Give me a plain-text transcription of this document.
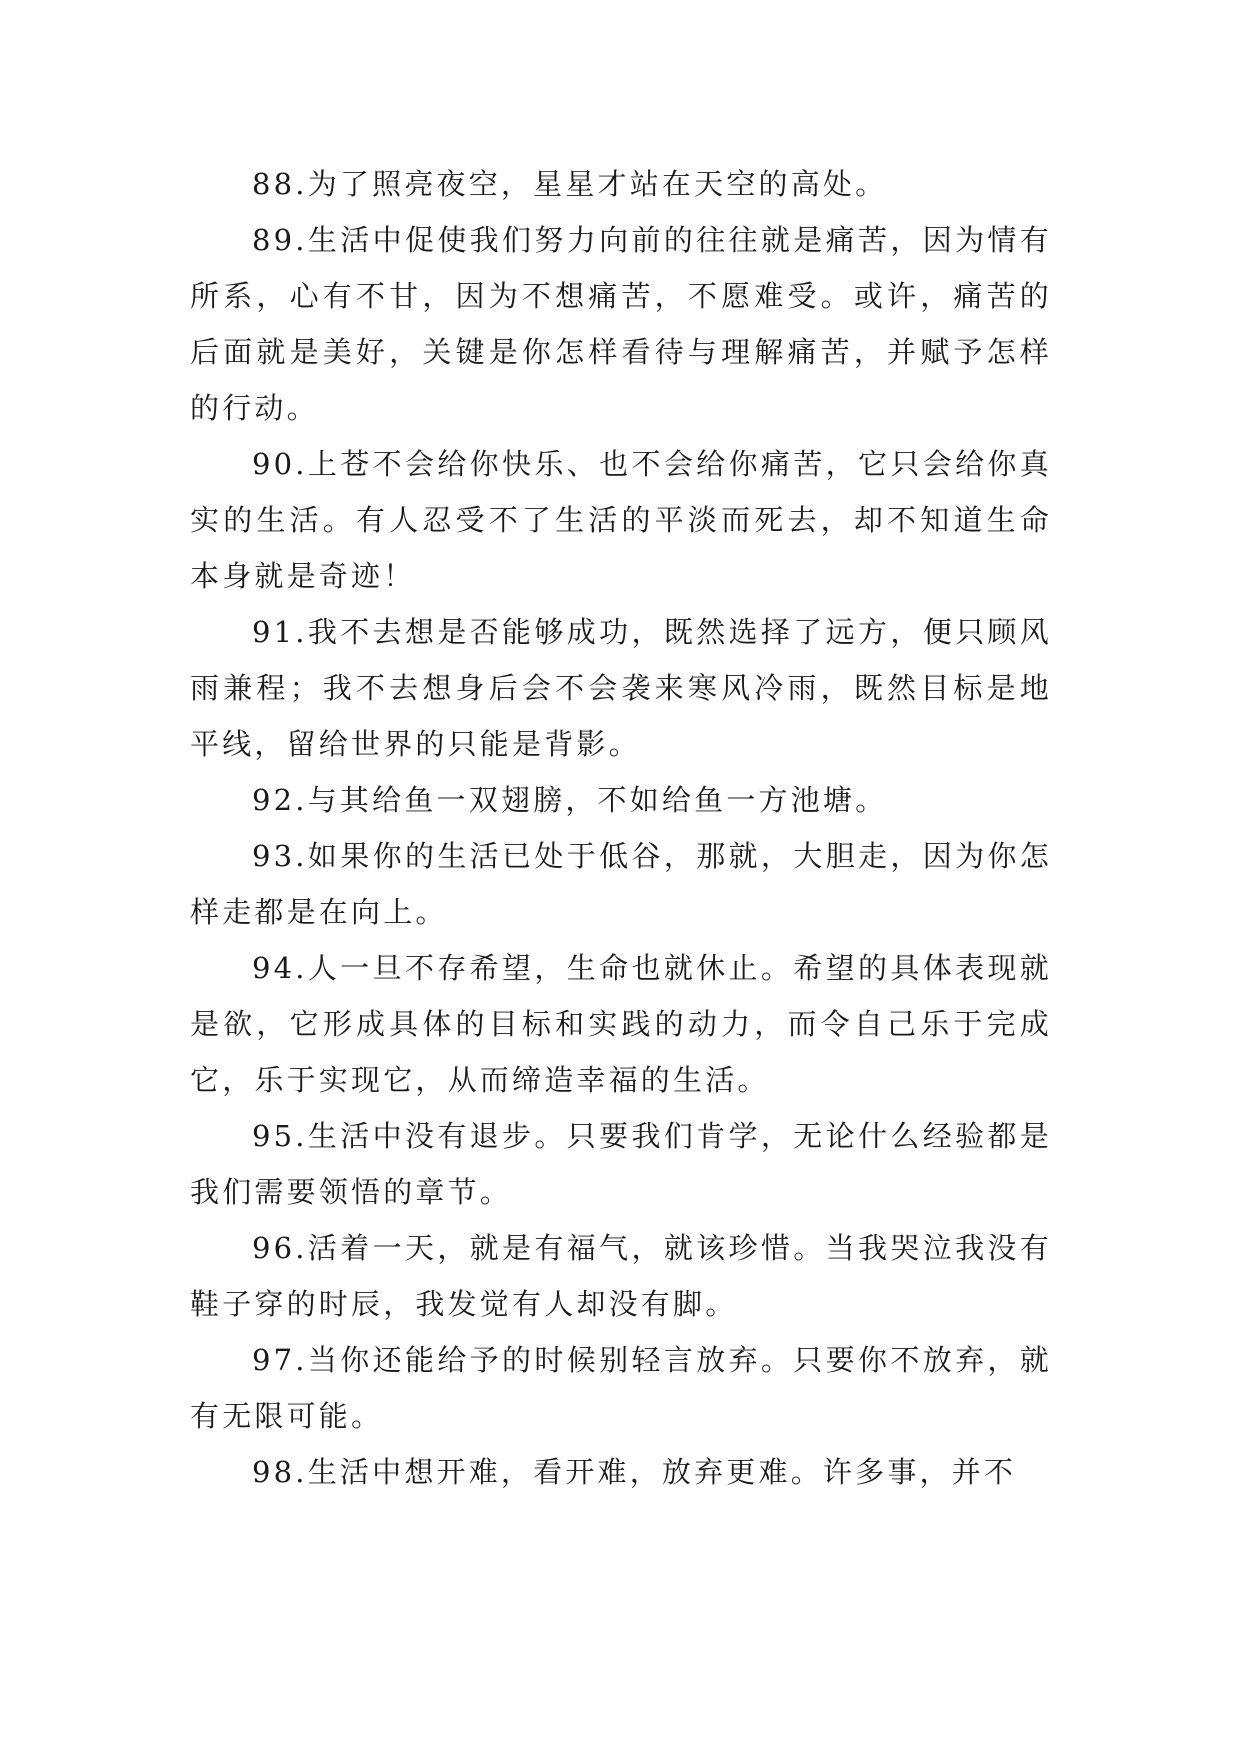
88.为了照亮夜空，星星才站在天空的高处。

89.生活中促使我们努力向前的往往就是痛苦，因为情有所系，心有不甘，因为不想痛苦，不愿难受。或许，痛苦的后面就是美好，关键是你怎样看待与理解痛苦，并赋予怎样的行动。

90.上苍不会给你快乐、也不会给你痛苦，它只会给你真实的生活。有人忍受不了生活的平淡而死去，却不知道生命本身就是奇迹！

91.我不去想是否能够成功，既然选择了远方，便只顾风雨兼程；我不去想身后会不会袭来寒风冷雨，既然目标是地平线，留给世界的只能是背影。

92.与其给鱼一双翅膀，不如给鱼一方池塘。

93.如果你的生活已处于低谷，那就，大胆走，因为你怎样走都是在向上。

94.人一旦不存希望，生命也就休止。希望的具体表现就是欲，它形成具体的目标和实践的动力，而令自己乐于完成它，乐于实现它，从而缔造幸福的生活。

95.生活中没有退步。只要我们肯学，无论什么经验都是我们需要领悟的章节。

96.活着一天，就是有福气，就该珍惜。当我哭泣我没有鞋子穿的时辰，我发觉有人却没有脚。

97.当你还能给予的时候别轻言放弃。只要你不放弃，就有无限可能。

98.生活中想开难，看开难，放弃更难。许多事，并不
